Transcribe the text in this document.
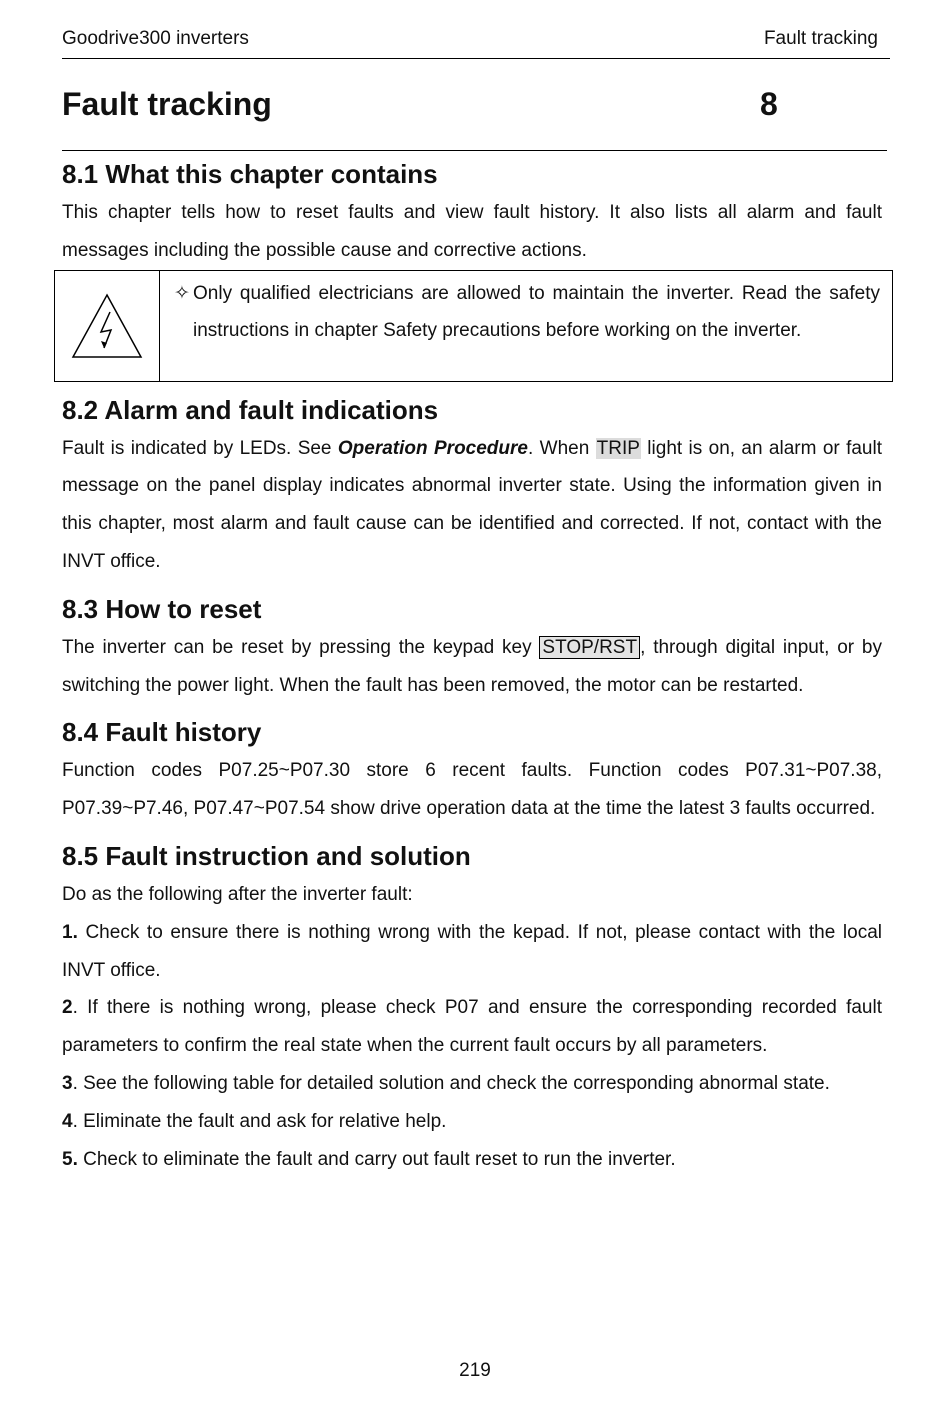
Goodrive300 inverters	Fault tracking
Fault tracking	8
8.1 What this chapter contains

This chapter tells how to reset faults and view fault history. It also lists all alarm and fault messages including the possible cause and corrective actions.

✧ Only qualified electricians are allowed to maintain the inverter. Read the safety instructions in chapter Safety precautions before working on the inverter.
8.2 Alarm and fault indications

Fault is indicated by LEDs. See Operation Procedure. When TRIP light is on, an alarm or fault message on the panel display indicates abnormal inverter state. Using the information given in this chapter, most alarm and fault cause can be identified and corrected. If not, contact with the INVT office.

8.3 How to reset

The inverter can be reset by pressing the keypad key STOP/RST , through digital input, or by switching the power light. When the fault has been removed, the motor can be restarted.

8.4 Fault history

Function codes P07.25~P07.30 store 6 recent faults. Function codes P07.31~P07.38, P07.39~P7.46, P07.47~P07.54 show drive operation data at the time the latest 3 faults occurred.

8.5 Fault instruction and solution

Do as the following after the inverter fault:

1. Check to ensure there is nothing wrong with the kepad. If not, please contact with the local INVT office.

2. If there is nothing wrong, please check P07 and ensure the corresponding recorded fault parameters to confirm the real state when the current fault occurs by all parameters.

3. See the following table for detailed solution and check the corresponding abnormal state.

4. Eliminate the fault and ask for relative help.

5. Check to eliminate the fault and carry out fault reset to run the inverter.

219
